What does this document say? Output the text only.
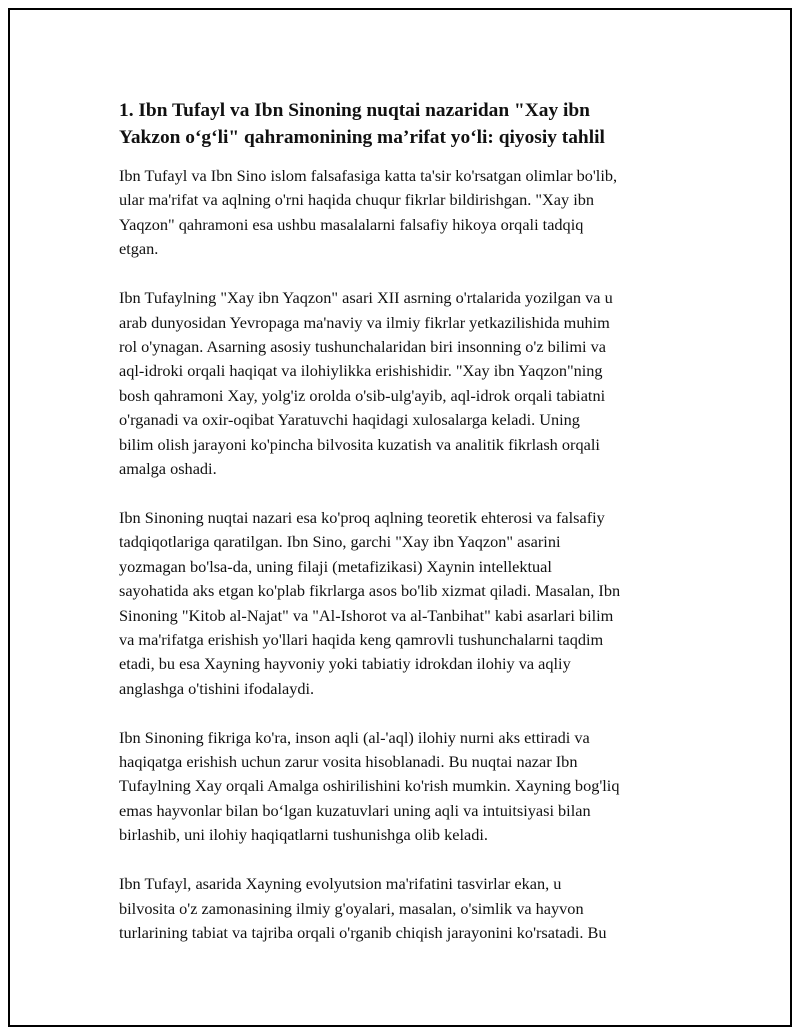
1. Ibn Tufayl va Ibn Sinoning nuqtai nazaridan "Xay ibn
Yakzon o‘g‘li" qahramonining ma’rifat yo‘li: qiyosiy tahlil

Ibn Tufayl va Ibn Sino islom falsafasiga katta ta'sir ko'rsatgan olimlar bo'lib,
ular ma'rifat va aqlning o'rni haqida chuqur fikrlar bildirishgan. "Xay ibn
Yaqzon" qahramoni esa ushbu masalalarni falsafiy hikoya orqali tadqiq
etgan.

Ibn Tufaylning "Xay ibn Yaqzon" asari XII asrning o'rtalarida yozilgan va u
arab dunyosidan Yevropaga ma'naviy va ilmiy fikrlar yetkazilishida muhim
rol o'ynagan. Asarning asosiy tushunchalaridan biri insonning o'z bilimi va
aql-idroki orqali haqiqat va ilohiylikka erishishidir. "Xay ibn Yaqzon"ning
bosh qahramoni Xay, yolg'iz orolda o'sib-ulg'ayib, aql-idrok orqali tabiatni
o'rganadi va oxir-oqibat Yaratuvchi haqidagi xulosalarga keladi. Uning
bilim olish jarayoni ko'pincha bilvosita kuzatish va analitik fikrlash orqali
amalga oshadi.

Ibn Sinoning nuqtai nazari esa ko'proq aqlning teoretik ehterosi va falsafiy
tadqiqotlariga qaratilgan. Ibn Sino, garchi "Xay ibn Yaqzon" asarini
yozmagan bo'lsa-da, uning filaji (metafizikasi) Xaynin intellektual
sayohatida aks etgan ko'plab fikrlarga asos bo'lib xizmat qiladi. Masalan, Ibn
Sinoning "Kitob al-Najat" va "Al-Ishorot va al-Tanbihat" kabi asarlari bilim
va ma'rifatga erishish yo'llari haqida keng qamrovli tushunchalarni taqdim
etadi, bu esa Xayning hayvoniy yoki tabiatiy idrokdan ilohiy va aqliy
anglashga o'tishini ifodalaydi.

Ibn Sinoning fikriga ko'ra, inson aqli (al-'aql) ilohiy nurni aks ettiradi va
haqiqatga erishish uchun zarur vosita hisoblanadi. Bu nuqtai nazar Ibn
Tufaylning Xay orqali Amalga oshirilishini ko'rish mumkin. Xayning bog'liq
emas hayvonlar bilan bo‘lgan kuzatuvlari uning aqli va intuitsiyasi bilan
birlashib, uni ilohiy haqiqatlarni tushunishga olib keladi.

Ibn Tufayl, asarida Xayning evolyutsion ma'rifatini tasvirlar ekan, u
bilvosita o'z zamonasining ilmiy g'oyalari, masalan, o'simlik va hayvon
turlarining tabiat va tajriba orqali o'rganib chiqish jarayonini ko'rsatadi. Bu
